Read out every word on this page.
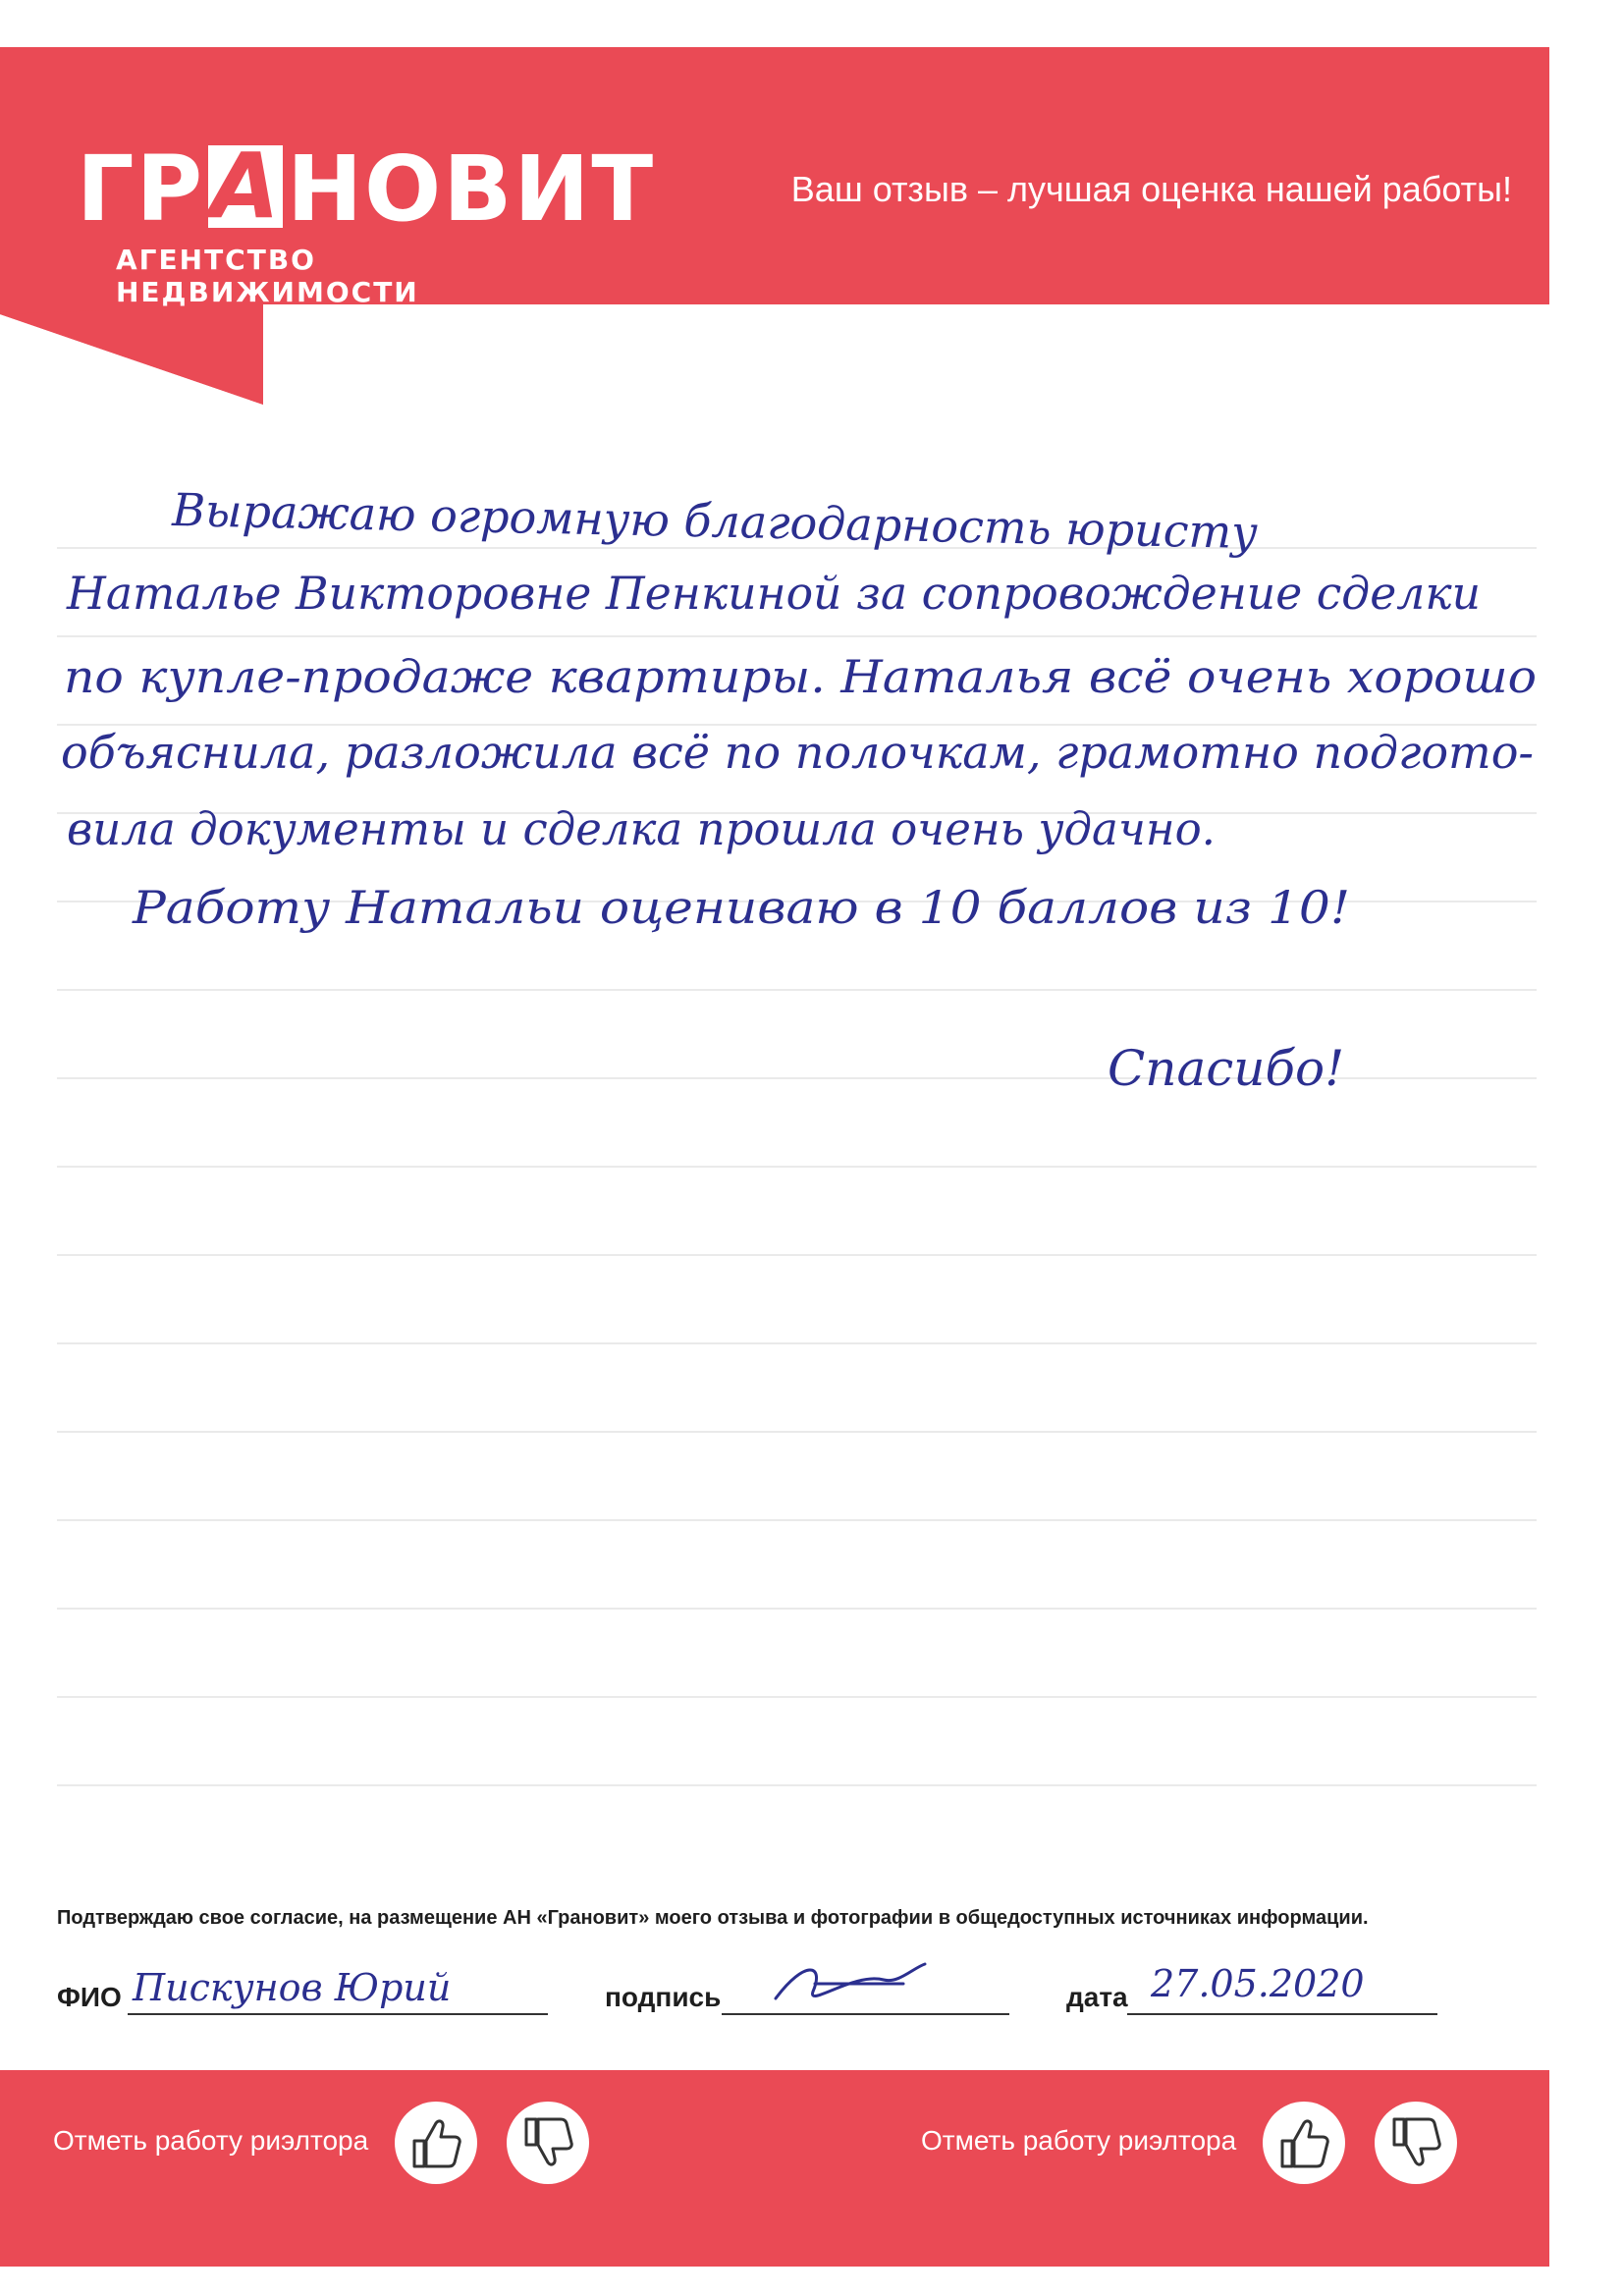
ГРАНОВИТ
АГЕНТСТВО НЕДВИЖИМОСТИ
Ваш отзыв – лучшая оценка нашей работы!
Выражаю огромную благодарность юристу
Наталье Викторовне Пенкиной за сопровождение сделки
по купле-продаже квартиры. Наталья всё очень хорошо
объяснила, разложила всё по полочкам, грамотно подгото-
вила документы и сделка прошла очень удачно.
Работу Натальи оцениваю в 10 баллов из 10!
Спасибо!
Подтверждаю свое согласие, на размещение АН «Грановит» моего отзыва и фотографии в общедоступных источниках информации.
ФИО Пискунов Юрий	подпись	дата 27.05.2020
Отметь работу риэлтора	Отметь работу риэлтора
